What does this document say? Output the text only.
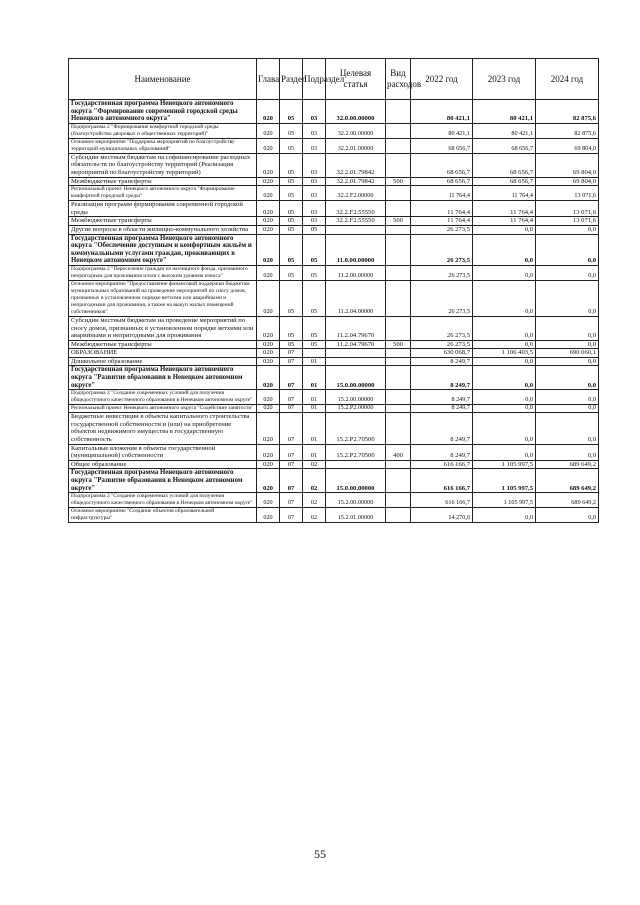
Наименование	Глава	Раздел	Подраздел	Целевая статья	Вид расходов	2022 год	2023 год	2024 год
Государственная программа Ненецкого автономного округа "Формирование современной городской среды Ненецкого автономного округа"	020	05	03	32.0.00.00000		80 421,1	80 421,1	82 875,6
Подпрограмма 2 "Формирование комфортной городской среды (благоустройство дворовых и общественных территорий)"	020	05	03	32.2.00.00000		80 421,1	80 421,1	82 875,6
Основное мероприятие "Поддержка мероприятий по благоустройству территорий муниципальных образований"	020	05	03	32.2.01.00000		68 656,7	68 656,7	69 804,0
Субсидии местным бюджетам на софинансирование расходных обязательств по благоустройству территорий (Реализация мероприятий по благоустройству территорий)	020	05	03	32.2.01.79842		68 656,7	68 656,7	69 804,0
Межбюджетные трансферты	020	05	03	32.2.01.79842	500	68 656,7	68 656,7	69 804,0
Региональный проект Ненецкого автономного округа "Формирование комфортной городской среды"	020	05	03	32.2.F2.00000		11 764,4	11 764,4	13 071,6
Реализация программ формирования современной городской среды	020	05	03	32.2.F2.55550		11 764,4	11 764,4	13 071,6
Межбюджетные трансферты	020	05	03	32.2.F2.55550	500	11 764,4	11 764,4	13 071,6
Другие вопросы в области жилищно-коммунального хозяйства	020	05	05			26 273,5	0,0	0,0
Государственная программа Ненецкого автономного округа "Обеспечение доступным и комфортным жильём и коммунальными услугами граждан, проживающих в Ненецком автономном округе"	020	05	05	11.0.00.00000		26 273,5	0,0	0,0
Подпрограмма 2 "Переселение граждан из жилищного фонда, признанного непригодным для проживания и/или с высоким уровнем износа"	020	05	05	11.2.00.00000		26 273,5	0,0	0,0
Основное мероприятие "Предоставление финансовой поддержки бюджетам муниципальных образований на проведение мероприятий по сносу домов, признанных в установленном порядке ветхими или аварийными и непригодными для проживания, а также на выкуп жилых помещений собственников"	020	05	05	11.2.04.00000		26 273,5	0,0	0,0
Субсидии местным бюджетам на проведение мероприятий по сносу домов, признанных в установленном порядке ветхими или аварийными и непригодными для проживания	020	05	05	11.2.04.79670		26 273,5	0,0	0,0
Межбюджетные трансферты	020	05	05	11.2.04.79670	500	26 273,5	0,0	0,0
ОБРАЗОВАНИЕ	020	07				630 068,7	1 106 403,5	690 060,1
Дошкольное образование	020	07	01			8 249,7	0,0	0,0
Государственная программа Ненецкого автономного округа "Развитие образования в Ненецком автономном округе"	020	07	01	15.0.00.00000		8 249,7	0,0	0,0
Подпрограмма 2 "Создание современных условий для получения общедоступного качественного образования в Ненецком автономном округе"	020	07	01	15.2.00.00000		8 249,7	0,0	0,0
Региональный проект Ненецкого автономного округа "Содействие занятости"	020	07	01	15.2.P2.00000		8 249,7	0,0	0,0
Бюджетные инвестиции в объекты капитального строительства государственной собственности и (или) на приобретение объектов недвижимого имущества в государственную собственность	020	07	01	15.2.P2.70500		8 249,7	0,0	0,0
Капитальные вложения в объекты государственной (муниципальной) собственности	020	07	01	15.2.P2.70500	400	8 249,7	0,0	0,0
Общее образование	020	07	02			616 166,7	1 105 997,5	689 649,2
Государственная программа Ненецкого автономного округа "Развитие образования в Ненецком автономном округе"	020	07	02	15.0.00.00000		616 166,7	1 105 997,5	689 649,2
Подпрограмма 2 "Создание современных условий для получения общедоступного качественного образования в Ненецком автономном округе"	020	07	02	15.2.00.00000		616 166,7	1 105 997,5	689 649,2
Основное мероприятие "Создание объектов образовательной инфраструктуры"	020	07	02	15.2.01.00000		14 270,0	0,0	0,0
55
